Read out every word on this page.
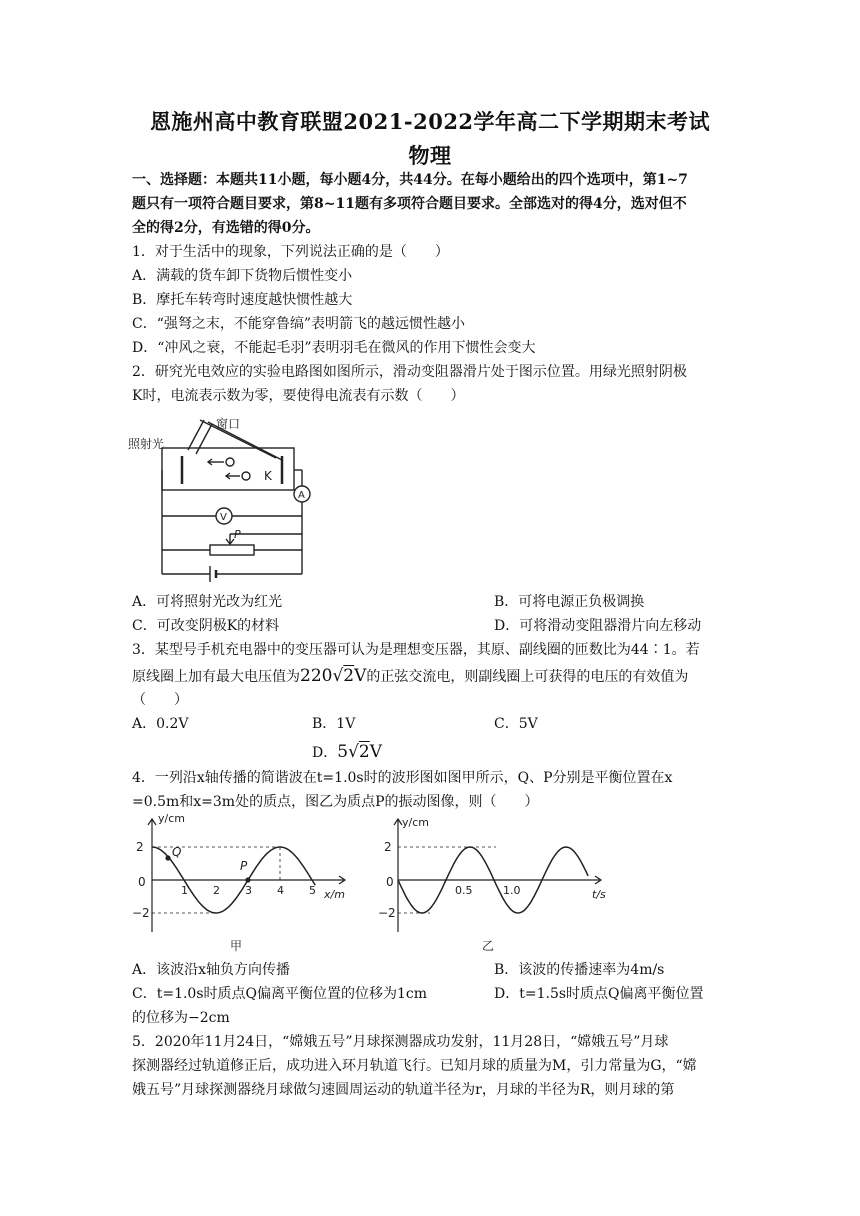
恩施州高中教育联盟2021-2022学年高二下学期期末考试
物理
一、选择题：本题共11小题，每小题4分，共44分。在每小题给出的四个选项中，第1~7
题只有一项符合题目要求，第8~11题有多项符合题目要求。全部选对的得4分，选对但不
全的得2分，有选错的得0分。
1．对于生活中的现象，下列说法正确的是（　　）
A．满载的货车卸下货物后惯性变小
B．摩托车转弯时速度越快惯性越大
C．“强弩之末，不能穿鲁缟”表明箭飞的越远惯性越小
D．“冲风之衰，不能起毛羽”表明羽毛在微风的作用下惯性会变大
2．研究光电效应的实验电路图如图所示，滑动变阻器滑片处于图示位置。用绿光照射阴极
K时，电流表示数为零，要使得电流表有示数（　　）
窗口
照射光
K
A
V
P
A．可将照射光改为红光	B．可将电源正负极调换
C．可改变阴极K的材料	D．可将滑动变阻器滑片向左移动
3．某型号手机充电器中的变压器可认为是理想变压器，其原、副线圈的匝数比为44∶1。若
原线圈上加有最大电压值为220√2V的正弦交流电，则副线圈上可获得的电压的有效值为
（　　）
A．0.2V	B．1V	C．5V
D．5√2V
4．一列沿x轴传播的简谐波在t=1.0s时的波形图如图甲所示，Q、P分别是平衡位置在x
=0.5m和x=3m处的质点，图乙为质点P的振动图像，则（　　）
y/cm
x/m
2
0
−2
1 2 3 4 5
Q
P
甲
y/cm
t/s
2
0
−2
0.5	1.0
乙
A．该波沿x轴负方向传播	B．该波的传播速率为4m/s
C．t=1.0s时质点Q偏离平衡位置的位移为1cm	D．t=1.5s时质点Q偏离平衡位置
的位移为−2cm
5．2020年11月24日，“嫦娥五号”月球探测器成功发射，11月28日，“嫦娥五号”月球
探测器经过轨道修正后，成功进入环月轨道飞行。已知月球的质量为M，引力常量为G，“嫦
娥五号”月球探测器绕月球做匀速圆周运动的轨道半径为r，月球的半径为R，则月球的第
